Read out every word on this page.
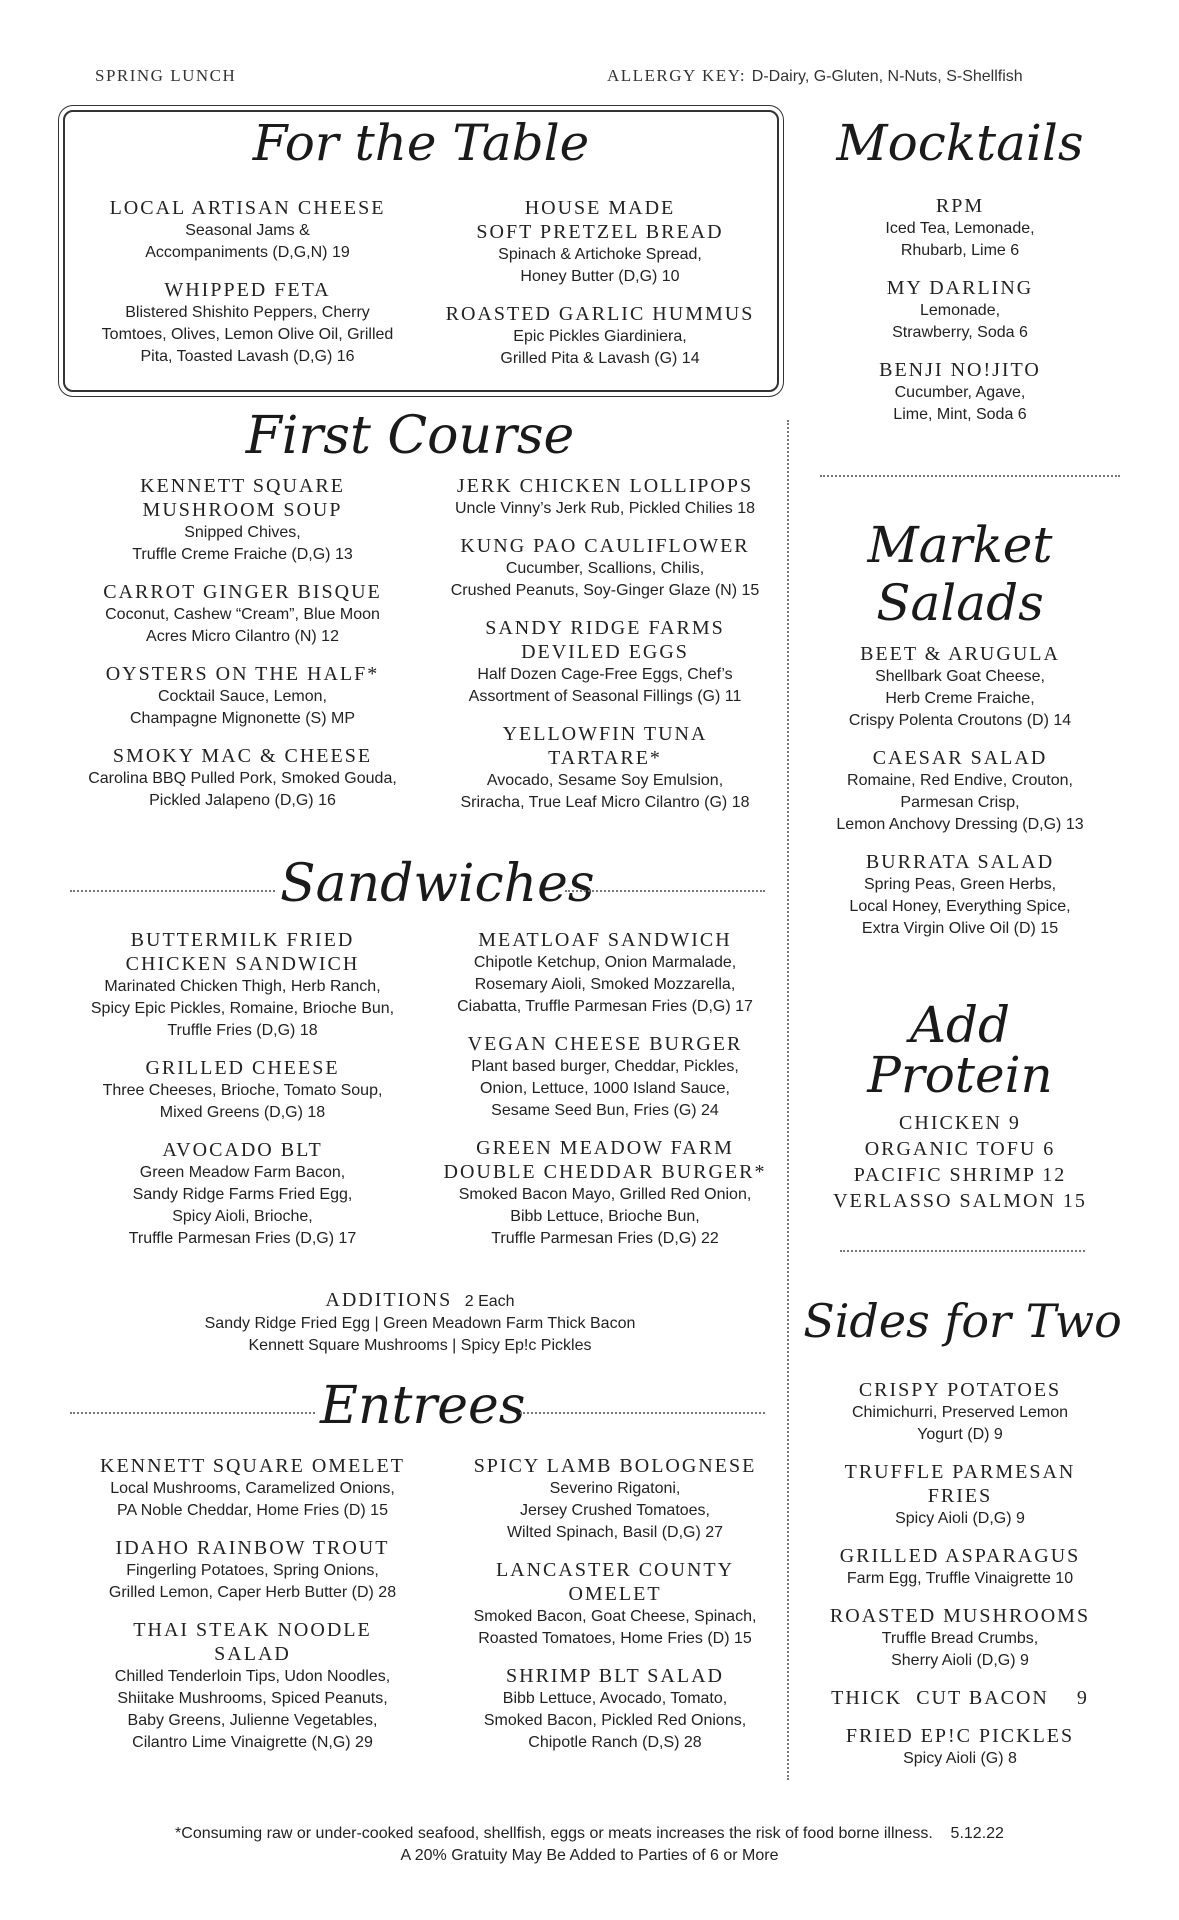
SPRING LUNCH	ALLERGY KEY: D-Dairy, G-Gluten, N-Nuts, S-Shellfish
For the Table
LOCAL ARTISAN CHEESE
Seasonal Jams &
Accompaniments (D,G,N) 19
WHIPPED FETA
Blistered Shishito Peppers, Cherry
Tomtoes, Olives, Lemon Olive Oil, Grilled
Pita, Toasted Lavash (D,G) 16
HOUSE MADE
SOFT PRETZEL BREAD
Spinach & Artichoke Spread,
Honey Butter (D,G) 10
ROASTED GARLIC HUMMUS
Epic Pickles Giardiniera,
Grilled Pita & Lavash (G) 14
First Course
KENNETT SQUARE
MUSHROOM SOUP
Snipped Chives,
Truffle Creme Fraiche (D,G) 13
CARROT GINGER BISQUE
Coconut, Cashew “Cream”, Blue Moon
Acres Micro Cilantro (N) 12
OYSTERS ON THE HALF*
Cocktail Sauce, Lemon,
Champagne Mignonette (S) MP
SMOKY MAC & CHEESE
Carolina BBQ Pulled Pork, Smoked Gouda,
Pickled Jalapeno (D,G) 16
JERK CHICKEN LOLLIPOPS
Uncle Vinny’s Jerk Rub, Pickled Chilies 18
KUNG PAO CAULIFLOWER
Cucumber, Scallions, Chilis,
Crushed Peanuts, Soy-Ginger Glaze (N) 15
SANDY RIDGE FARMS
DEVILED EGGS
Half Dozen Cage-Free Eggs, Chef’s
Assortment of Seasonal Fillings (G) 11
YELLOWFIN TUNA
TARTARE*
Avocado, Sesame Soy Emulsion,
Sriracha, True Leaf Micro Cilantro (G) 18
Sandwiches
BUTTERMILK FRIED
CHICKEN SANDWICH
Marinated Chicken Thigh, Herb Ranch,
Spicy Epic Pickles, Romaine, Brioche Bun,
Truffle Fries (D,G) 18
GRILLED CHEESE
Three Cheeses, Brioche, Tomato Soup,
Mixed Greens (D,G) 18
AVOCADO BLT
Green Meadow Farm Bacon,
Sandy Ridge Farms Fried Egg,
Spicy Aioli, Brioche,
Truffle Parmesan Fries (D,G) 17
MEATLOAF SANDWICH
Chipotle Ketchup, Onion Marmalade,
Rosemary Aioli, Smoked Mozzarella,
Ciabatta, Truffle Parmesan Fries (D,G) 17
VEGAN CHEESE BURGER
Plant based burger, Cheddar, Pickles,
Onion, Lettuce, 1000 Island Sauce,
Sesame Seed Bun, Fries (G) 24
GREEN MEADOW FARM
DOUBLE CHEDDAR BURGER*
Smoked Bacon Mayo, Grilled Red Onion,
Bibb Lettuce, Brioche Bun,
Truffle Parmesan Fries (D,G) 22
ADDITIONS 2 Each
Sandy Ridge Fried Egg | Green Meadown Farm Thick Bacon
Kennett Square Mushrooms | Spicy Ep!c Pickles
Entrees
KENNETT SQUARE OMELET
Local Mushrooms, Caramelized Onions,
PA Noble Cheddar, Home Fries (D) 15
IDAHO RAINBOW TROUT
Fingerling Potatoes, Spring Onions,
Grilled Lemon, Caper Herb Butter (D) 28
THAI STEAK NOODLE
SALAD
Chilled Tenderloin Tips, Udon Noodles,
Shiitake Mushrooms, Spiced Peanuts,
Baby Greens, Julienne Vegetables,
Cilantro Lime Vinaigrette (N,G) 29
SPICY LAMB BOLOGNESE
Severino Rigatoni,
Jersey Crushed Tomatoes,
Wilted Spinach, Basil (D,G) 27
LANCASTER COUNTY
OMELET
Smoked Bacon, Goat Cheese, Spinach,
Roasted Tomatoes, Home Fries (D) 15
SHRIMP BLT SALAD
Bibb Lettuce, Avocado, Tomato,
Smoked Bacon, Pickled Red Onions,
Chipotle Ranch (D,S) 28
Mocktails
RPM
Iced Tea, Lemonade,
Rhubarb, Lime 6
MY DARLING
Lemonade,
Strawberry, Soda 6
BENJI NO!JITO
Cucumber, Agave,
Lime, Mint, Soda 6
Market
Salads
BEET & ARUGULA
Shellbark Goat Cheese,
Herb Creme Fraiche,
Crispy Polenta Croutons (D) 14
CAESAR SALAD
Romaine, Red Endive, Crouton,
Parmesan Crisp,
Lemon Anchovy Dressing (D,G) 13
BURRATA SALAD
Spring Peas, Green Herbs,
Local Honey, Everything Spice,
Extra Virgin Olive Oil (D) 15
Add
Protein
CHICKEN 9
ORGANIC TOFU 6
PACIFIC SHRIMP 12
VERLASSO SALMON 15
Sides for Two
CRISPY POTATOES
Chimichurri, Preserved Lemon
Yogurt (D) 9
TRUFFLE PARMESAN
FRIES
Spicy Aioli (D,G) 9
GRILLED ASPARAGUS
Farm Egg, Truffle Vinaigrette 10
ROASTED MUSHROOMS
Truffle Bread Crumbs,
Sherry Aioli (D,G) 9
THICK  CUT BACON    9
FRIED EP!C PICKLES
Spicy Aioli (G) 8
*Consuming raw or under-cooked seafood, shellfish, eggs or meats increases the risk of food borne illness.    5.12.22
A 20% Gratuity May Be Added to Parties of 6 or More
